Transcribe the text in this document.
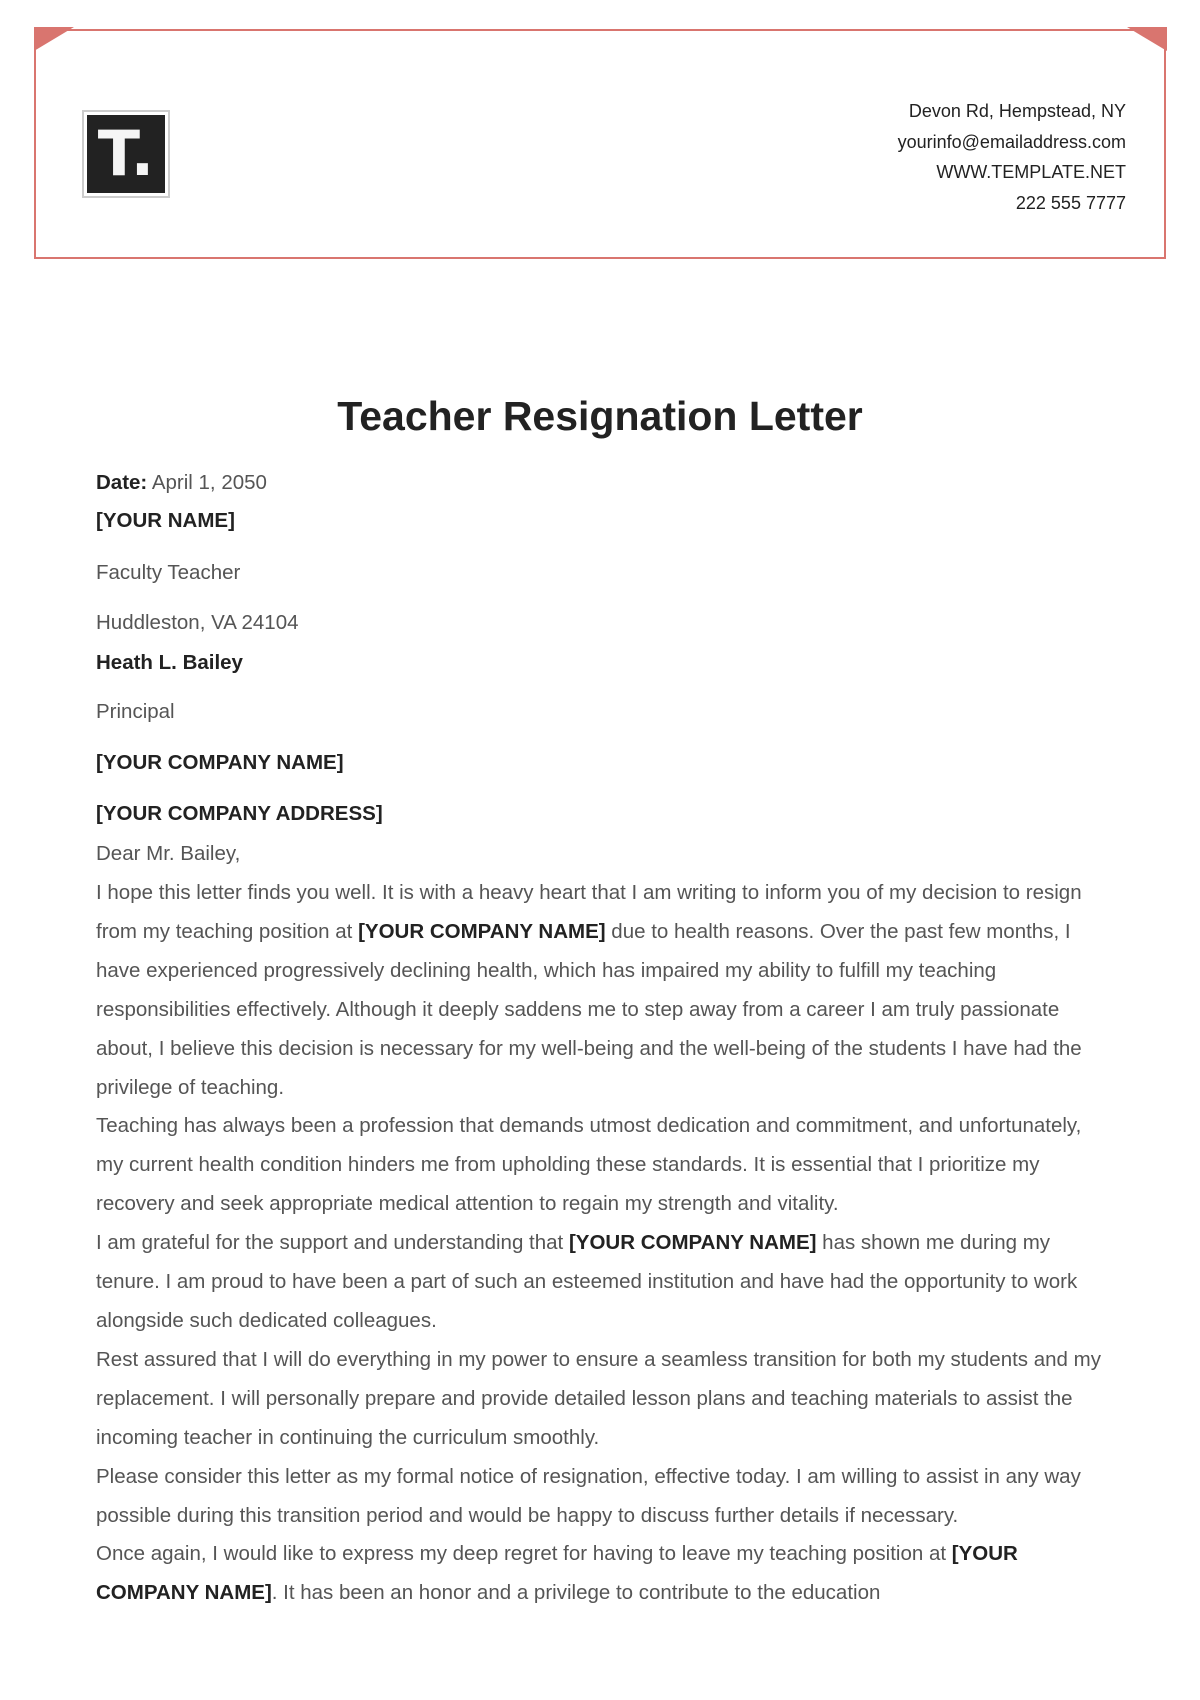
T.
Devon Rd, Hempstead, NY
yourinfo@emailaddress.com
WWW.TEMPLATE.NET
222 555 7777
Teacher Resignation Letter
Date: April 1, 2050
[YOUR NAME]
Faculty Teacher
Huddleston, VA 24104
Heath L. Bailey
Principal
[YOUR COMPANY NAME]
[YOUR COMPANY ADDRESS]
Dear Mr. Bailey,

I hope this letter finds you well. It is with a heavy heart that I am writing to inform you of my decision to resign from my teaching position at [YOUR COMPANY NAME] due to health reasons. Over the past few months, I have experienced progressively declining health, which has impaired my ability to fulfill my teaching responsibilities effectively. Although it deeply saddens me to step away from a career I am truly passionate about, I believe this decision is necessary for my well-being and the well-being of the students I have had the privilege of teaching.

Teaching has always been a profession that demands utmost dedication and commitment, and unfortunately, my current health condition hinders me from upholding these standards. It is essential that I prioritize my recovery and seek appropriate medical attention to regain my strength and vitality.

I am grateful for the support and understanding that [YOUR COMPANY NAME] has shown me during my tenure. I am proud to have been a part of such an esteemed institution and have had the opportunity to work alongside such dedicated colleagues.

Rest assured that I will do everything in my power to ensure a seamless transition for both my students and my replacement. I will personally prepare and provide detailed lesson plans and teaching materials to assist the incoming teacher in continuing the curriculum smoothly.

Please consider this letter as my formal notice of resignation, effective today. I am willing to assist in any way possible during this transition period and would be happy to discuss further details if necessary.

Once again, I would like to express my deep regret for having to leave my teaching position at [YOUR COMPANY NAME]. It has been an honor and a privilege to contribute to the education
